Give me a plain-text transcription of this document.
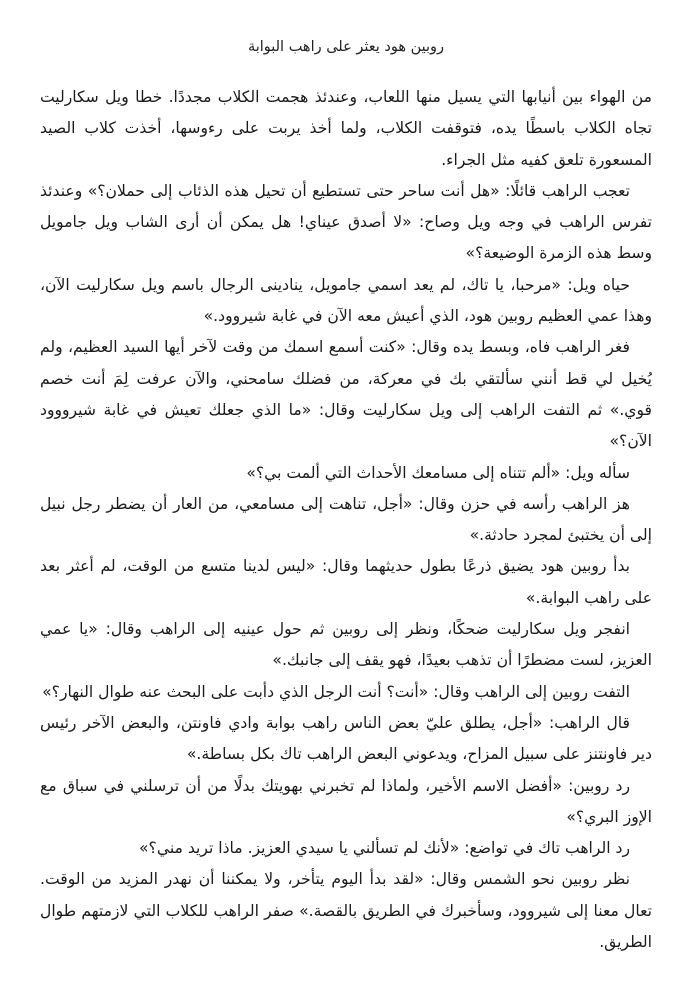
روبين هود يعثر على راهب البوابة

من الهواء بين أنيابها التي يسيل منها اللعاب، وعندئذ هجمت الكلاب مجددًا. خطا ويل سكارليت تجاه الكلاب باسطًا يده، فتوقفت الكلاب، ولما أخذ يربت على رءوسها، أخذت كلاب الصيد المسعورة تلعق كفيه مثل الجراء.

تعجب الراهب قائلًا: «هل أنت ساحر حتى تستطيع أن تحيل هذه الذئاب إلى حملان؟» وعندئذ تفرس الراهب في وجه ويل وصاح: «لا أصدق عيناي! هل يمكن أن أرى الشاب ويل جامويل وسط هذه الزمرة الوضيعة؟»

حياه ويل: «مرحبا، يا تاك، لم يعد اسمي جامويل، ينادينى الرجال باسم ويل سكارليت الآن، وهذا عمي العظيم روبين هود، الذي أعيش معه الآن في غابة شيروود.»

فغر الراهب فاه، وبسط يده وقال: «كنت أسمع اسمك من وقت لآخر أيها السيد العظيم، ولم يُخيل لي قط أنني سألتقي بك في معركة، من فضلك سامحني، والآن عرفت لِمَ أنت خصم قوي.» ثم التفت الراهب إلى ويل سكارليت وقال: «ما الذي جعلك تعيش في غابة شيرووود الآن؟»

سأله ويل: «ألم تتناه إلى مسامعك الأحداث التي ألمت بي؟»

هز الراهب رأسه في حزن وقال: «أجل، تناهت إلى مسامعي، من العار أن يضطر رجل نبيل إلى أن يختبئ لمجرد حادثة.»

بدأ روبين هود يضيق ذرعًا بطول حديثهما وقال: «ليس لدينا متسع من الوقت، لم أعثر بعد على راهب البوابة.»

انفجر ويل سكارليت ضحكًا، ونظر إلى روبين ثم حول عينيه إلى الراهب وقال: «يا عمي العزيز، لست مضطرًا أن تذهب بعيدًا، فهو يقف إلى جانبك.»

التفت روبين إلى الراهب وقال: «أنت؟ أنت الرجل الذي دأبت على البحث عنه طوال النهار؟»

قال الراهب: «أجل، يطلق عليّ بعض الناس راهب بوابة وادي فاونتن، والبعض الآخر رئيس دير فاونتنز على سبيل المزاح، ويدعوني البعض الراهب تاك بكل بساطة.»

رد روبين: «أفضل الاسم الأخير، ولماذا لم تخبرني بهويتك بدلًا من أن ترسلني في سباق مع الإوز البري؟»

رد الراهب تاك في تواضع: «لأنك لم تسألني يا سيدي العزيز. ماذا تريد مني؟»

نظر روبين نحو الشمس وقال: «لقد بدأ اليوم يتأخر، ولا يمكننا أن نهدر المزيد من الوقت. تعال معنا إلى شيروود، وسأخبرك في الطريق بالقصة.» صفر الراهب للكلاب التي لازمتهم طوال الطريق.
